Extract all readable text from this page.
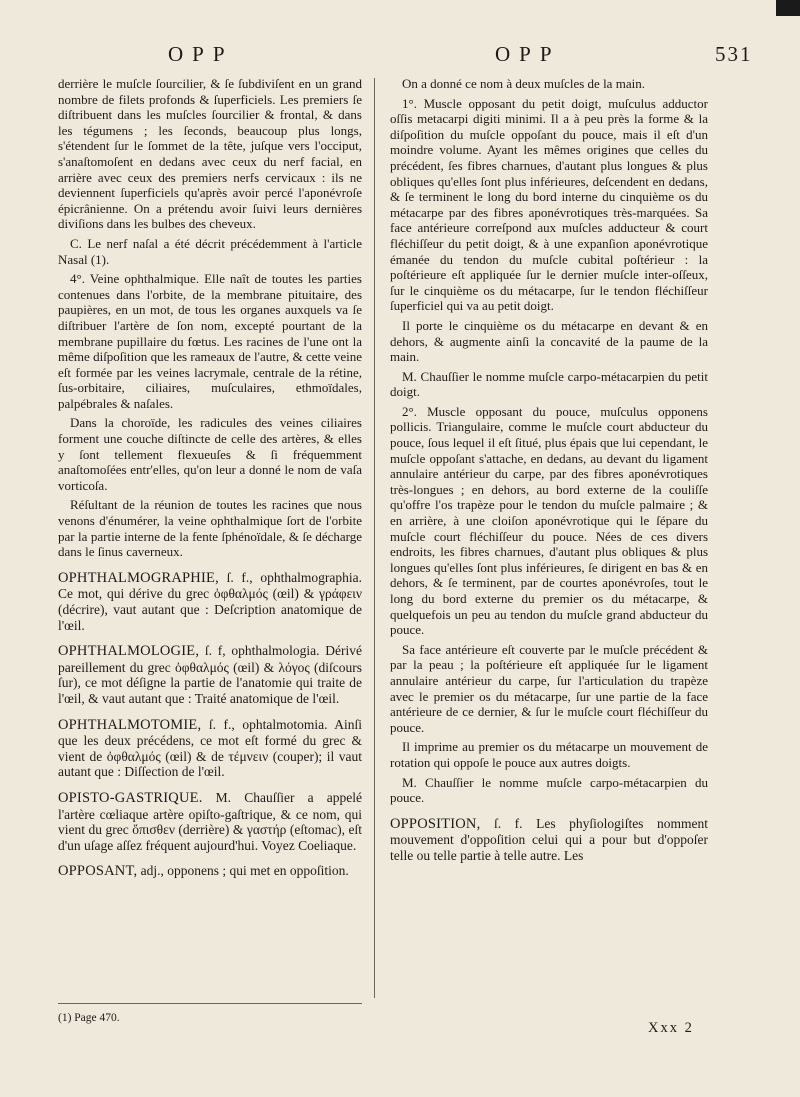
OPP	OPP	531

derrière le muſcle ſourcilier, & ſe ſubdiviſent en un grand nombre de filets profonds & ſuperficiels. Les premiers ſe diſtribuent dans les muſcles ſourcilier & frontal, & dans les tégumens ; les ſeconds, beaucoup plus longs, s'étendent ſur le ſommet de la tête, juſque vers l'occiput, s'anaſtomoſent en dedans avec ceux du nerf facial, en arrière avec ceux des premiers nerfs cervicaux : ils ne deviennent ſuperficiels qu'après avoir percé l'aponévroſe épicrânienne. On a prétendu avoir ſuivi leurs dernières diviſions dans les bulbes des cheveux.

C. Le nerf naſal a été décrit précédemment à l'article Nasal (1).

4°. Veine ophthalmique. Elle naît de toutes les parties contenues dans l'orbite, de la membrane pituitaire, des paupières, en un mot, de tous les organes auxquels va ſe diſtribuer l'artère de ſon nom, excepté pourtant de la membrane pupillaire du fœtus. Les racines de l'une ont la même diſpoſition que les rameaux de l'autre, & cette veine eſt formée par les veines lacrymale, centrale de la rétine, ſus-orbitaire, ciliaires, muſculaires, ethmoïdales, palpébrales & naſales.

Dans la choroïde, les radicules des veines ciliaires forment une couche diſtincte de celle des artères, & elles y ſont tellement flexueuſes & ſi fréquemment anaſtomoſées entr'elles, qu'on leur a donné le nom de vaſa vorticoſa.

Réſultant de la réunion de toutes les racines que nous venons d'énumérer, la veine ophthalmique ſort de l'orbite par la partie interne de la fente ſphénoïdale, & ſe décharge dans le ſinus caverneux.

OPHTHALMOGRAPHIE, ſ. f., ophthalmographia. Ce mot, qui dérive du grec ὀφθαλμός (œil) & γράφειν (décrire), vaut autant que : Deſcription anatomique de l'œil.

OPHTHALMOLOGIE, ſ. f, ophthalmologia. Dérivé pareillement du grec ὀφθαλμός (œil) & λόγος (diſcours ſur), ce mot déſigne la partie de l'anatomie qui traite de l'œil, & vaut autant que : Traité anatomique de l'œil.

OPHTHALMOTOMIE, ſ. f., ophtalmotomia. Ainſi que les deux précédens, ce mot eſt formé du grec & vient de ὀφθαλμός (œil) & de τέμνειν (couper); il vaut autant que : Diſſection de l'œil.

OPISTO-GASTRIQUE. M. Chauſſier a appelé l'artère cœliaque artère opiſto-gaſtrique, & ce nom, qui vient du grec ὄπισθεν (derrière) & γαστήρ (eſtomac), eſt d'un uſage aſſez fréquent aujourd'hui. Voyez Coeliaque.

OPPOSANT, adj., opponens ; qui met en oppoſition.

On a donné ce nom à deux muſcles de la main.

1°. Muscle opposant du petit doigt, muſculus adductor oſſis metacarpi digiti minimi. Il a à peu près la forme & la diſpoſition du muſcle oppoſant du pouce, mais il eſt d'un moindre volume. Ayant les mêmes origines que celles du précédent, ſes fibres charnues, d'autant plus longues & plus obliques qu'elles ſont plus inférieures, deſcendent en dedans, & ſe terminent le long du bord interne du cinquième os du métacarpe par des fibres aponévrotiques très-marquées. Sa face antérieure correſpond aux muſcles adducteur & court fléchiſſeur du petit doigt, & à une expanſion aponévrotique émanée du tendon du muſcle cubital poſtérieur : la poſtérieure eſt appliquée ſur le dernier muſcle inter-oſſeux, ſur le cinquième os du métacarpe, ſur le tendon fléchiſſeur ſuperficiel qui va au petit doigt.

Il porte le cinquième os du métacarpe en devant & en dehors, & augmente ainſi la concavité de la paume de la main.

M. Chauſſier le nomme muſcle carpo-métacarpien du petit doigt.

2°. Muscle opposant du pouce, muſculus opponens pollicis. Triangulaire, comme le muſcle court abducteur du pouce, ſous lequel il eſt ſitué, plus épais que lui cependant, le muſcle oppoſant s'attache, en dedans, au devant du ligament annulaire antérieur du carpe, par des fibres aponévrotiques très-longues ; en dehors, au bord externe de la couliſſe qu'offre l'os trapèze pour le tendon du muſcle palmaire ; & en arrière, à une cloiſon aponévrotique qui le ſépare du muſcle court fléchiſſeur du pouce. Nées de ces divers endroits, les fibres charnues, d'autant plus obliques & plus longues qu'elles ſont plus inférieures, ſe dirigent en bas & en dehors, & ſe terminent, par de courtes aponévroſes, tout le long du bord externe du premier os du métacarpe, & quelquefois un peu au tendon du muſcle grand abducteur du pouce.

Sa face antérieure eſt couverte par le muſcle précédent & par la peau ; la poſtérieure eſt appliquée ſur le ligament annulaire antérieur du carpe, ſur l'articulation du trapèze avec le premier os du métacarpe, ſur une partie de la face antérieure de ce dernier, & ſur le muſcle court fléchiſſeur du pouce.

Il imprime au premier os du métacarpe un mouvement de rotation qui oppoſe le pouce aux autres doigts.

M. Chauſſier le nomme muſcle carpo-métacarpien du pouce.

OPPOSITION, ſ. f. Les phyſiologiſtes nomment mouvement d'oppoſition celui qui a pour but d'oppoſer telle ou telle partie à telle autre. Les

(1) Page 470.
Xxx 2
